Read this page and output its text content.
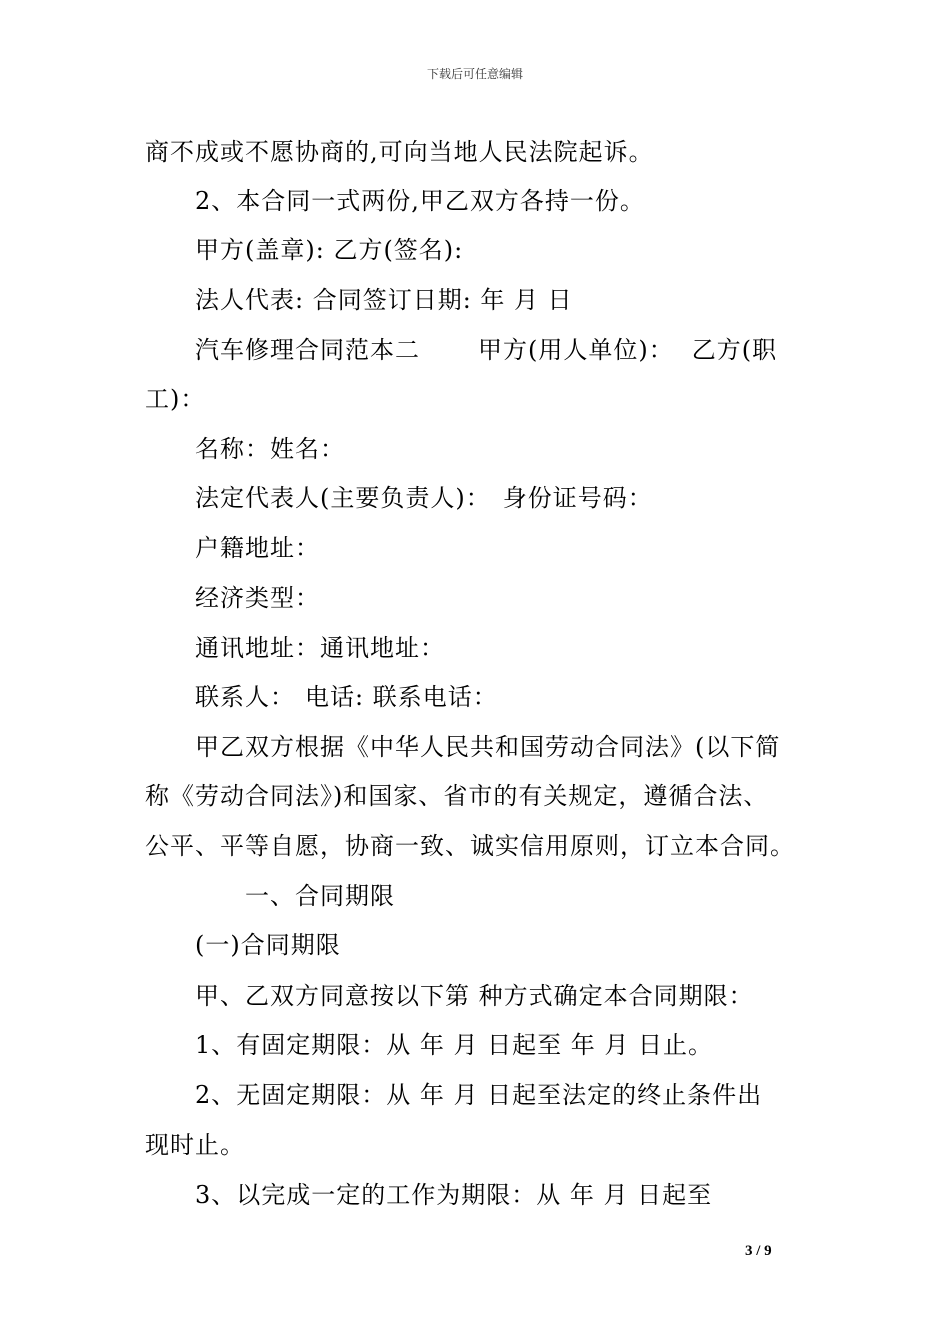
下载后可任意编辑
商不成或不愿协商的,可向当地人民法院起诉。
2、本合同一式两份,甲乙双方各持一份。
甲方(盖章): 乙方(签名):
法人代表: 合同签订日期: 年 月 日
汽车修理合同范本二 甲方(用人单位)： 乙方(职
工)：
名称：姓名：
法定代表人(主要负责人)： 身份证号码：
户籍地址：
经济类型：
通讯地址：通讯地址：
联系人： 电话: 联系电话：
甲乙双方根据《中华人民共和国劳动合同法》(以下简
称《劳动合同法》)和国家、省市的有关规定，遵循合法、
公平、平等自愿，协商一致、诚实信用原则，订立本合同。
一、合同期限
(一)合同期限
甲、乙双方同意按以下第 种方式确定本合同期限：
1、有固定期限：从 年 月 日起至 年 月 日止。
2、无固定期限：从 年 月 日起至法定的终止条件出
现时止。
3、以完成一定的工作为期限：从 年 月 日起至
3 / 9
